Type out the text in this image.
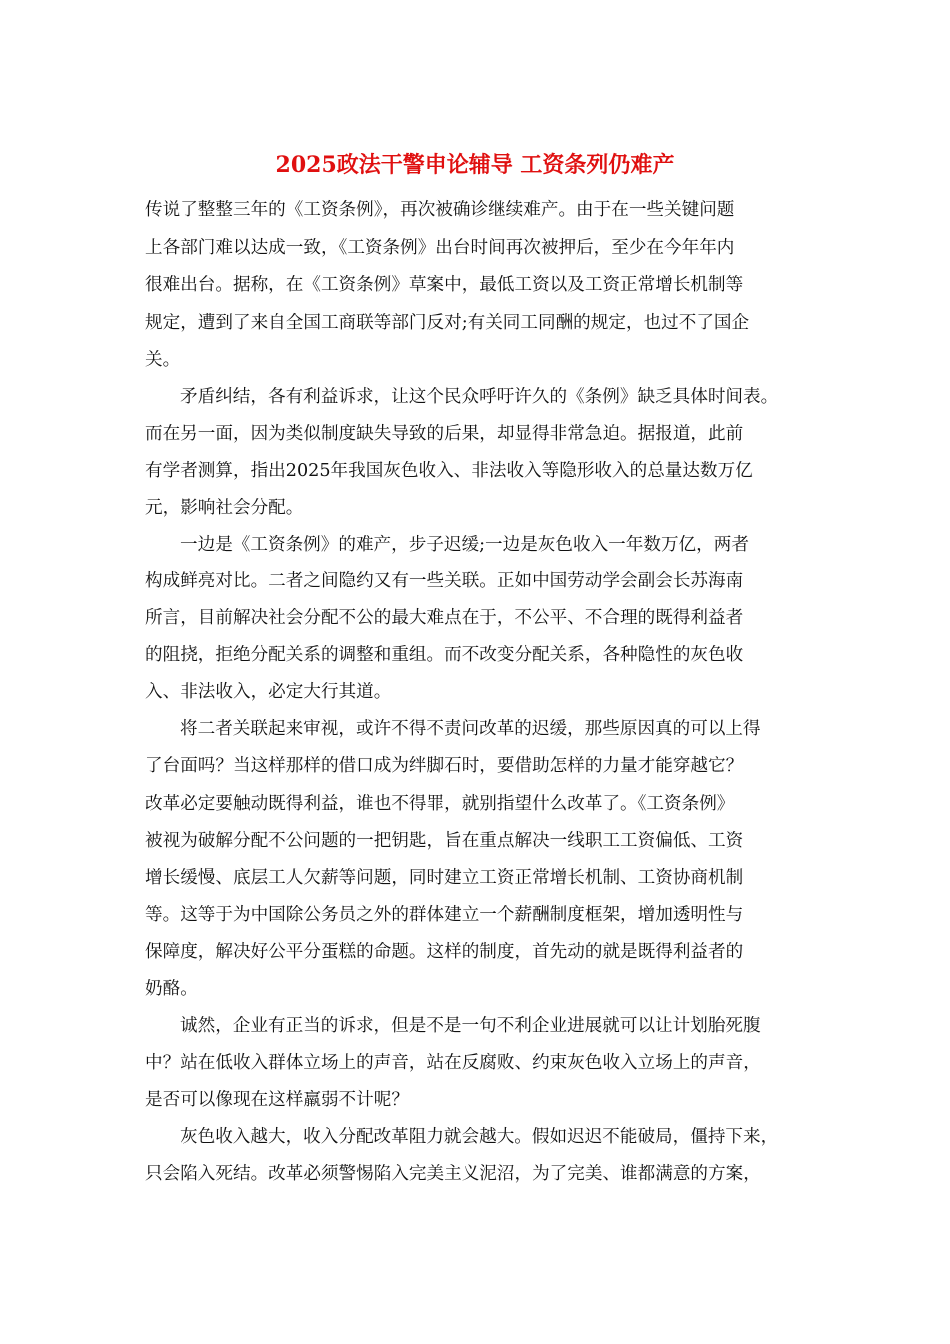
2025政法干警申论辅导 工资条列仍难产
传说了整整三年的《工资条例》，再次被确诊继续难产。由于在一些关键问题
上各部门难以达成一致，《工资条例》出台时间再次被押后，至少在今年年内
很难出台。据称，在《工资条例》草案中，最低工资以及工资正常增长机制等
规定，遭到了来自全国工商联等部门反对;有关同工同酬的规定，也过不了国企
关。
矛盾纠结，各有利益诉求，让这个民众呼吁许久的《条例》缺乏具体时间表。
而在另一面，因为类似制度缺失导致的后果，却显得非常急迫。据报道，此前
有学者测算，指出2025年我国灰色收入、非法收入等隐形收入的总量达数万亿
元，影响社会分配。
一边是《工资条例》的难产，步子迟缓;一边是灰色收入一年数万亿，两者
构成鲜亮对比。二者之间隐约又有一些关联。正如中国劳动学会副会长苏海南
所言，目前解决社会分配不公的最大难点在于，不公平、不合理的既得利益者
的阻挠，拒绝分配关系的调整和重组。而不改变分配关系，各种隐性的灰色收
入、非法收入，必定大行其道。
将二者关联起来审视，或许不得不责问改革的迟缓，那些原因真的可以上得
了台面吗？当这样那样的借口成为绊脚石时，要借助怎样的力量才能穿越它？
改革必定要触动既得利益，谁也不得罪，就别指望什么改革了。《工资条例》
被视为破解分配不公问题的一把钥匙，旨在重点解决一线职工工资偏低、工资
增长缓慢、底层工人欠薪等问题，同时建立工资正常增长机制、工资协商机制
等。这等于为中国除公务员之外的群体建立一个薪酬制度框架，增加透明性与
保障度，解决好公平分蛋糕的命题。这样的制度，首先动的就是既得利益者的
奶酪。
诚然，企业有正当的诉求，但是不是一句不利企业进展就可以让计划胎死腹
中？站在低收入群体立场上的声音，站在反腐败、约束灰色收入立场上的声音，
是否可以像现在这样羸弱不计呢？
灰色收入越大，收入分配改革阻力就会越大。假如迟迟不能破局，僵持下来，
只会陷入死结。改革必须警惕陷入完美主义泥沼，为了完美、谁都满意的方案，
